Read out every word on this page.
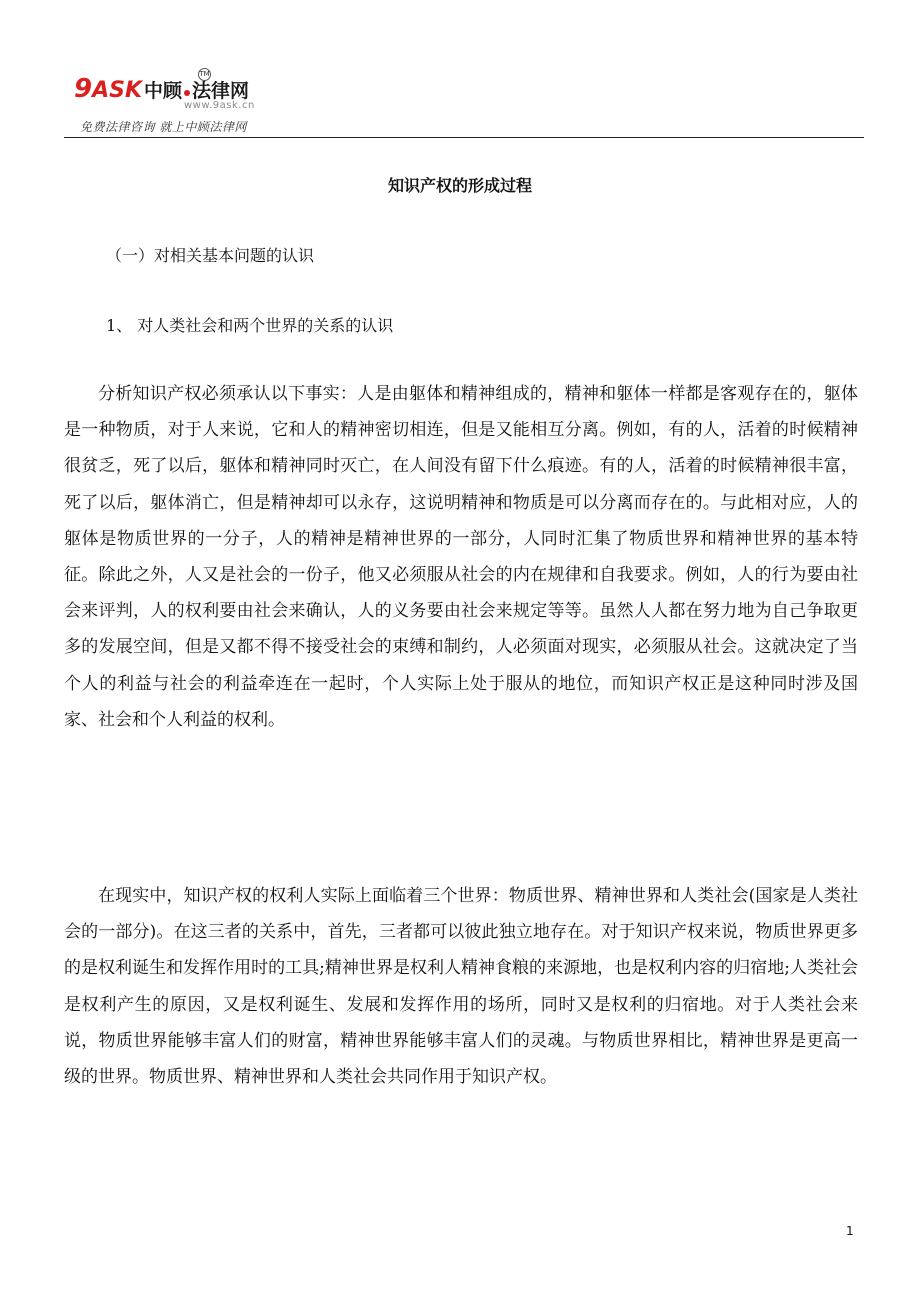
9ASK 中顾 法律网
TM
www.9ask.cn
免费法律咨询 就上中顾法律网
知识产权的形成过程
（一）对相关基本问题的认识
1、 对人类社会和两个世界的关系的认识

分析知识产权必须承认以下事实：人是由躯体和精神组成的，精神和躯体一样都是客观存在的，躯体是一种物质，对于人来说，它和人的精神密切相连，但是又能相互分离。例如，有的人，活着的时候精神很贫乏，死了以后，躯体和精神同时灭亡，在人间没有留下什么痕迹。有的人，活着的时候精神很丰富，死了以后，躯体消亡，但是精神却可以永存，这说明精神和物质是可以分离而存在的。与此相对应，人的躯体是物质世界的一分子，人的精神是精神世界的一部分，人同时汇集了物质世界和精神世界的基本特征。除此之外，人又是社会的一份子，他又必须服从社会的内在规律和自我要求。例如，人的行为要由社会来评判，人的权利要由社会来确认，人的义务要由社会来规定等等。虽然人人都在努力地为自己争取更多的发展空间，但是又都不得不接受社会的束缚和制约，人必须面对现实，必须服从社会。这就决定了当个人的利益与社会的利益牵连在一起时，个人实际上处于服从的地位，而知识产权正是这种同时涉及国家、社会和个人利益的权利。

在现实中，知识产权的权利人实际上面临着三个世界：物质世界、精神世界和人类社会(国家是人类社会的一部分)。在这三者的关系中，首先，三者都可以彼此独立地存在。对于知识产权来说，物质世界更多的是权利诞生和发挥作用时的工具;精神世界是权利人精神食粮的来源地，也是权利内容的归宿地;人类社会是权利产生的原因，又是权利诞生、发展和发挥作用的场所，同时又是权利的归宿地。对于人类社会来说，物质世界能够丰富人们的财富，精神世界能够丰富人们的灵魂。与物质世界相比，精神世界是更高一级的世界。物质世界、精神世界和人类社会共同作用于知识产权。

1
